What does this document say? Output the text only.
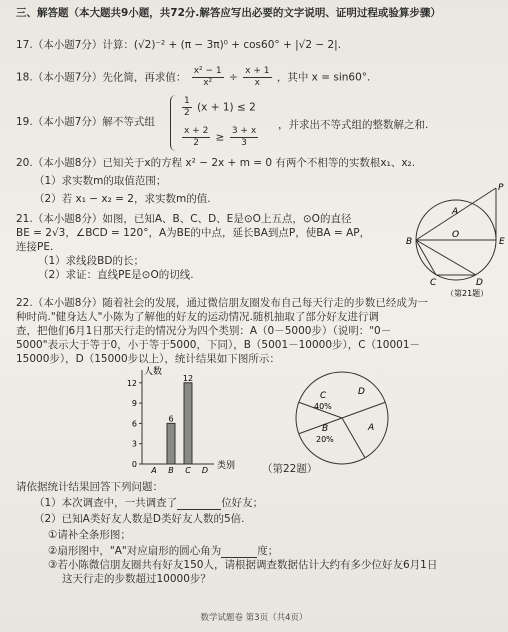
三、解答题（本大题共9小题，共72分.解答应写出必要的文字说明、证明过程或验算步骤）
17.（本小题7分）计算：(√2)⁻² + (π − 3π)⁰ + cos60° + |√2 − 2|.
18.（本小题7分）先化简，再求值： $\frac{\text{x² − 1}}{\text{x²}} \div \frac{x + 1}{x}$ ，其中 x = sin60°.
19.（本小题7分）解不等式组
$\frac{1}{2} (x + 1) \le 2$
$\frac{x + 2}{2} \ge \frac{3 + x}{3}$
，并求出不等式组的整数解之和.
20.（本小题8分）已知关于x的方程 x² − 2x + m = 0 有两个不相等的实数根x₁、x₂.
（1）求实数m的取值范围；
（2）若 x₁ − x₂ = 2，求实数m的值.
21.（本小题8分）如图，已知A、B、C、D、E是⊙O上五点，⊙O的直径
BE = 2√3，∠BCD = 120°，A为BE的中点，延长BA到点P，使BA = AP，
连接PE.
（1）求线段BD的长；
（2）求证：直线PE是⊙O的切线.
P
A
B
O
E
C	D
（第21题）
22.（本小题8分）随着社会的发展，通过微信朋友圈发布自己每天行走的步数已经成为一
种时尚."健身达人"小陈为了解他的好友的运动情况.随机抽取了部分好友进行调
查，把他们6月1日那天行走的情况分为四个类别：A（0－5000步）（说明："0－
5000"表示大于等于0，小于等于5000，下同），B（5001－10000步），C（10001－
15000步），D（15000步以上），统计结果如下图所示：
人数
类别
0
3
6
9
12
6
12
A B C D
C
40%
D
A
B
20%
（第22题）
请依据统计结果回答下列问题：
（1）本次调查中，一共调查了	位好友；
（2）已知A类好友人数是D类好友人数的5倍.
①请补全条形图；
②扇形图中，"A"对应扇形的圆心角为	度；
③若小陈微信朋友圈共有好友150人，请根据调查数据估计大约有多少位好友6月1日
这天行走的步数超过10000步？
数学试题卷 第3页（共4页）
